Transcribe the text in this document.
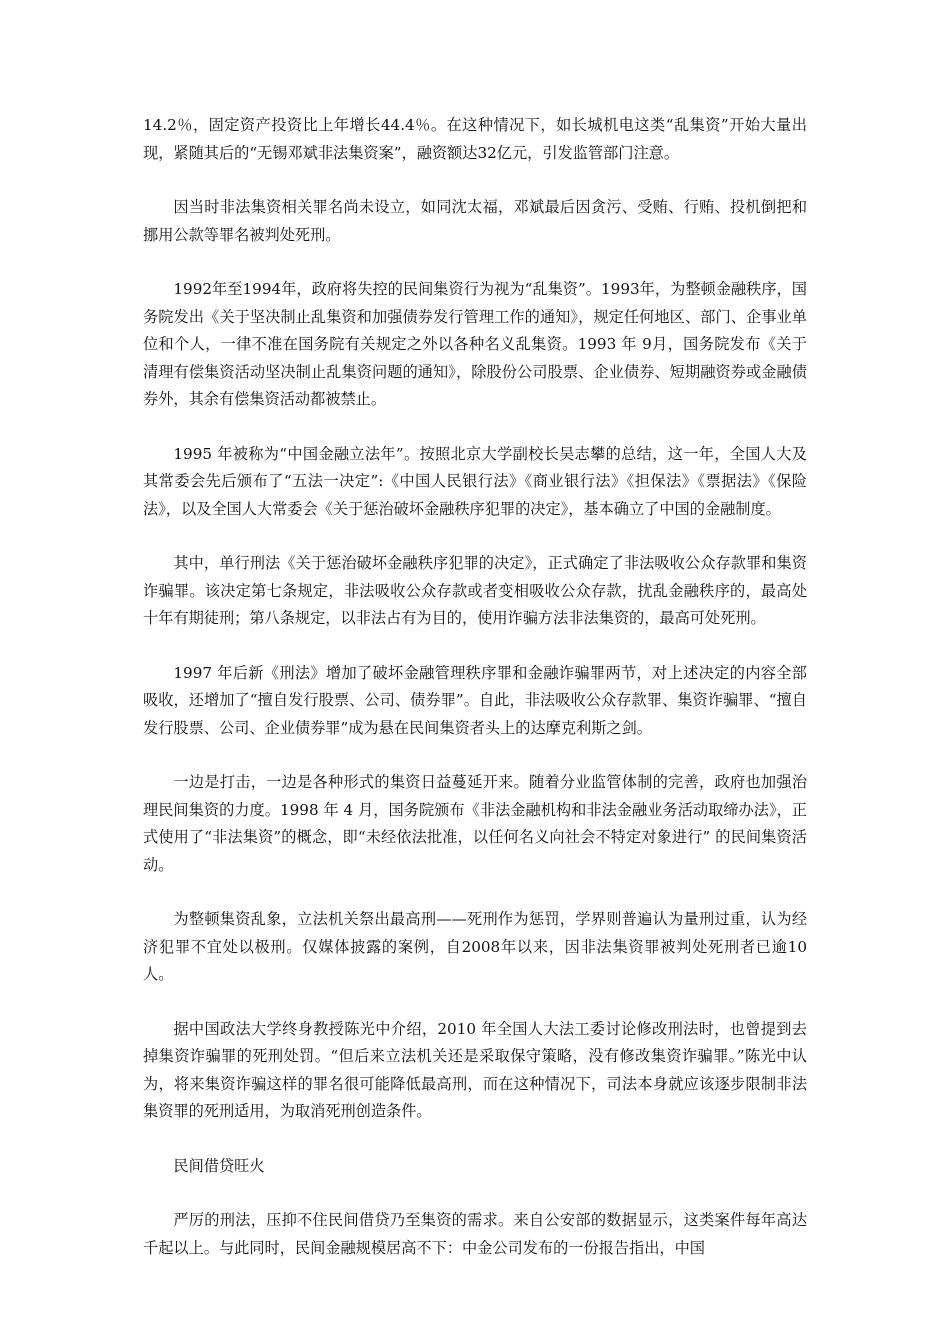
14.2％，固定资产投资比上年增长44.4％。在这种情况下，如长城机电这类“乱集资”开始大量出现，紧随其后的“无锡邓斌非法集资案”，融资额达32亿元，引发监管部门注意。

因当时非法集资相关罪名尚未设立，如同沈太福，邓斌最后因贪污、受贿、行贿、投机倒把和挪用公款等罪名被判处死刑。

1992年至1994年，政府将失控的民间集资行为视为“乱集资”。1993年，为整顿金融秩序，国务院发出《关于坚决制止乱集资和加强债券发行管理工作的通知》，规定任何地区、部门、企事业单位和个人，一律不准在国务院有关规定之外以各种名义乱集资。1993 年 9月，国务院发布《关于清理有偿集资活动坚决制止乱集资问题的通知》，除股份公司股票、企业债券、短期融资券或金融债券外，其余有偿集资活动都被禁止。

1995 年被称为“中国金融立法年”。按照北京大学副校长吴志攀的总结，这一年，全国人大及其常委会先后颁布了“五法一决定”:《中国人民银行法》《商业银行法》《担保法》《票据法》《保险法》，以及全国人大常委会《关于惩治破坏金融秩序犯罪的决定》，基本确立了中国的金融制度。

其中，单行刑法《关于惩治破坏金融秩序犯罪的决定》，正式确定了非法吸收公众存款罪和集资诈骗罪。该决定第七条规定，非法吸收公众存款或者变相吸收公众存款，扰乱金融秩序的，最高处十年有期徒刑；第八条规定，以非法占有为目的，使用诈骗方法非法集资的，最高可处死刑。

1997 年后新《刑法》增加了破坏金融管理秩序罪和金融诈骗罪两节，对上述决定的内容全部吸收，还增加了“擅自发行股票、公司、债券罪”。自此，非法吸收公众存款罪、集资诈骗罪、“擅自发行股票、公司、企业债券罪”成为悬在民间集资者头上的达摩克利斯之剑。

一边是打击，一边是各种形式的集资日益蔓延开来。随着分业监管体制的完善，政府也加强治理民间集资的力度。1998 年 4 月，国务院颁布《非法金融机构和非法金融业务活动取缔办法》，正式使用了“非法集资”的概念，即“未经依法批准，以任何名义向社会不特定对象进行” 的民间集资活动。

为整顿集资乱象，立法机关祭出最高刑——死刑作为惩罚，学界则普遍认为量刑过重，认为经济犯罪不宜处以极刑。仅媒体披露的案例，自2008年以来，因非法集资罪被判处死刑者已逾10人。

据中国政法大学终身教授陈光中介绍，2010 年全国人大法工委讨论修改刑法时，也曾提到去掉集资诈骗罪的死刑处罚。“但后来立法机关还是采取保守策略，没有修改集资诈骗罪。”陈光中认为，将来集资诈骗这样的罪名很可能降低最高刑，而在这种情况下，司法本身就应该逐步限制非法集资罪的死刑适用，为取消死刑创造条件。

民间借贷旺火

严厉的刑法，压抑不住民间借贷乃至集资的需求。来自公安部的数据显示，这类案件每年高达千起以上。与此同时，民间金融规模居高不下：中金公司发布的一份报告指出，中国
